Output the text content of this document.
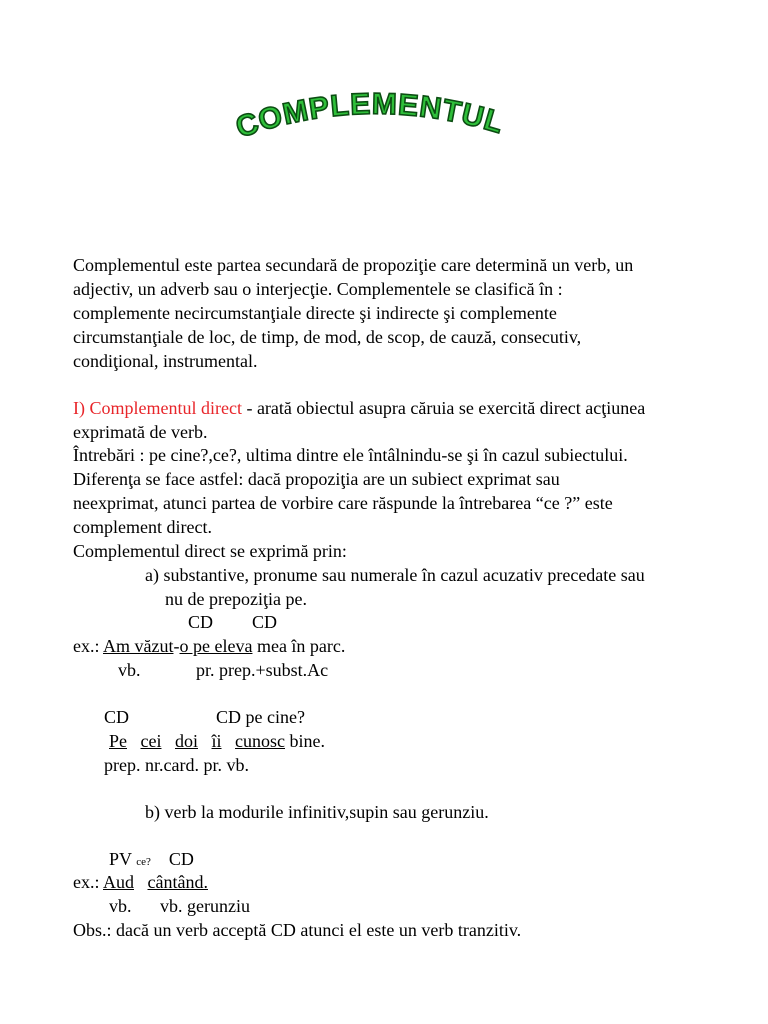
COMPLEMENTUL
Complementul este partea secundară de propoziţie care determină un verb, un
adjectiv, un adverb sau o interjecţie. Complementele se clasifică în :
complemente necircumstanţiale directe şi indirecte şi complemente
circumstanţiale de loc, de timp, de mod, de scop, de cauză, consecutiv,
condiţional, instrumental.
I) Complementul direct - arată obiectul asupra căruia se exercită direct acţiunea
exprimată de verb.
Întrebări : pe cine?,ce?, ultima dintre ele întâlnindu-se şi în cazul subiectului.
Diferenţa se face astfel: dacă propoziţia are un subiect exprimat sau
neexprimat, atunci partea de vorbire care răspunde la întrebarea “ce ?” este
complement direct.
Complementul direct se exprimă prin:
a) substantive, pronume sau numerale în cazul acuzativ precedate sau
nu de prepoziţia pe.
CD CD
ex.: Am văzut-o pe eleva mea în parc.
vb.	pr. prep.+subst.Ac
CD	CD pe cine?
Pe cei doi îi cunosc bine.
prep. nr.card. pr. vb.
b) verb la modurile infinitiv,supin sau gerunziu.
PV ce? CD
ex.: Aud cântând.
vb. vb. gerunziu
Obs.: dacă un verb acceptă CD atunci el este un verb tranzitiv.
